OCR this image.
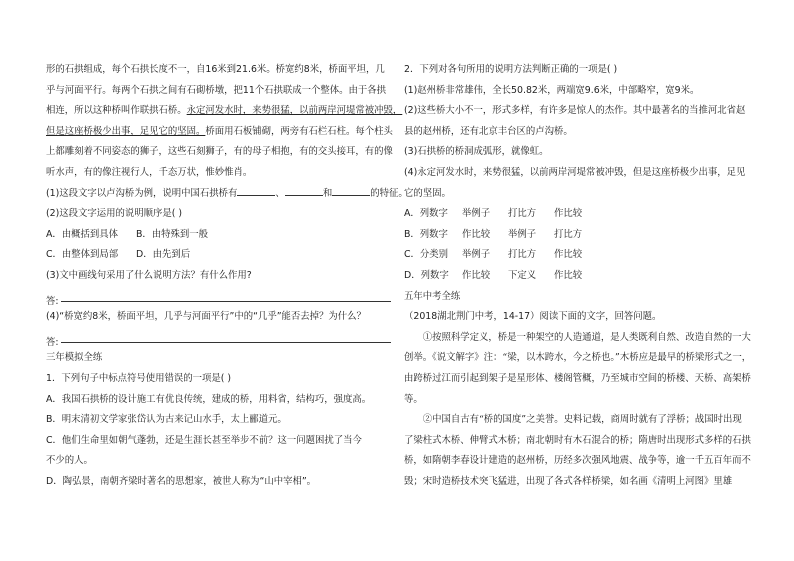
形的石拱组成，每个石拱长度不一，自16米到21.6米。桥宽约8米，桥面平坦，几
乎与河面平行。每两个石拱之间有石砌桥墩，把11个石拱联成一个整体。由于各拱
相连，所以这种桥叫作联拱石桥。永定河发水时，来势很猛，以前两岸河堤常被冲毁，
但是这座桥极少出事，足见它的坚固。桥面用石板铺砌，两旁有石栏石柱。每个柱头
上都雕刻着不同姿态的狮子，这些石刻狮子，有的母子相抱，有的交头接耳，有的像
听水声，有的像注视行人，千态万状，惟妙惟肖。
(1)这段文字以卢沟桥为例，说明中国石拱桥有	、	和	的特征。
(2)这段文字运用的说明顺序是( )
A．由概括到具体	B．由特殊到一般
C．由整体到局部	D．由先到后
(3)文中画线句采用了什么说明方法？有什么作用?
答:
(4)“桥宽约8米，桥面平坦，几乎与河面平行”中的“几乎”能否去掉？为什么？
答:
三年模拟全练
1．下列句子中标点符号使用错误的一项是( )
A．我国石拱桥的设计施工有优良传统，建成的桥，用料省，结构巧，强度高。
B．明末清初文学家张岱认为古来记山水手，太上郦道元。
C．他们生命里如朝气蓬勃，还是生涯长甚至举步不前？这一问题困扰了当今
不少的人。
D．陶弘景，南朝齐梁时著名的思想家，被世人称为“山中宰相”。
2．下列对各句所用的说明方法判断正确的一项是( )
(1)赵州桥非常雄伟，全长50.82米，两端宽9.6米，中部略窄，宽9米。
(2)这些桥大小不一，形式多样，有许多是惊人的杰作。其中最著名的当推河北省赵
县的赵州桥，还有北京丰台区的卢沟桥。
(3)石拱桥的桥洞成弧形，就像虹。
(4)永定河发水时，来势很猛，以前两岸河堤常被冲毁，但是这座桥极少出事，足见
它的坚固。
A．列数字	举例子	打比方	作比较
B．列数字	作比较	举例子	打比方
C．分类别	举例子	打比方	作比较
D．列数字	作比较	下定义	作比较
五年中考全练
（2018湖北荆门中考，14-17）阅读下面的文字，回答问题。
　　①按照科学定义，桥是一种架空的人造通道，是人类既利自然、改造自然的一大
创举。《说文解字》注：“梁，以木跨水，今之桥也。”木桥应是最早的桥梁形式之一，
由跨桥过江而引起到架子是星形体、楼阁管概，乃至城市空间的桥楼、天桥、高架桥
等。
　　②中国自古有“桥的国度”之美誉。史料记载，商周时就有了浮桥；战国时出现
了梁柱式木桥、伸臂式木桥；南北朝时有木石混合的桥；隋唐时出现形式多样的石拱
桥，如隋朝李春设计建造的赵州桥，历经多次强风地震、战争等，逾一千五百年而不
毁；宋时造桥技术突飞猛进，出现了各式各样桥梁，如名画《清明上河图》里雄
